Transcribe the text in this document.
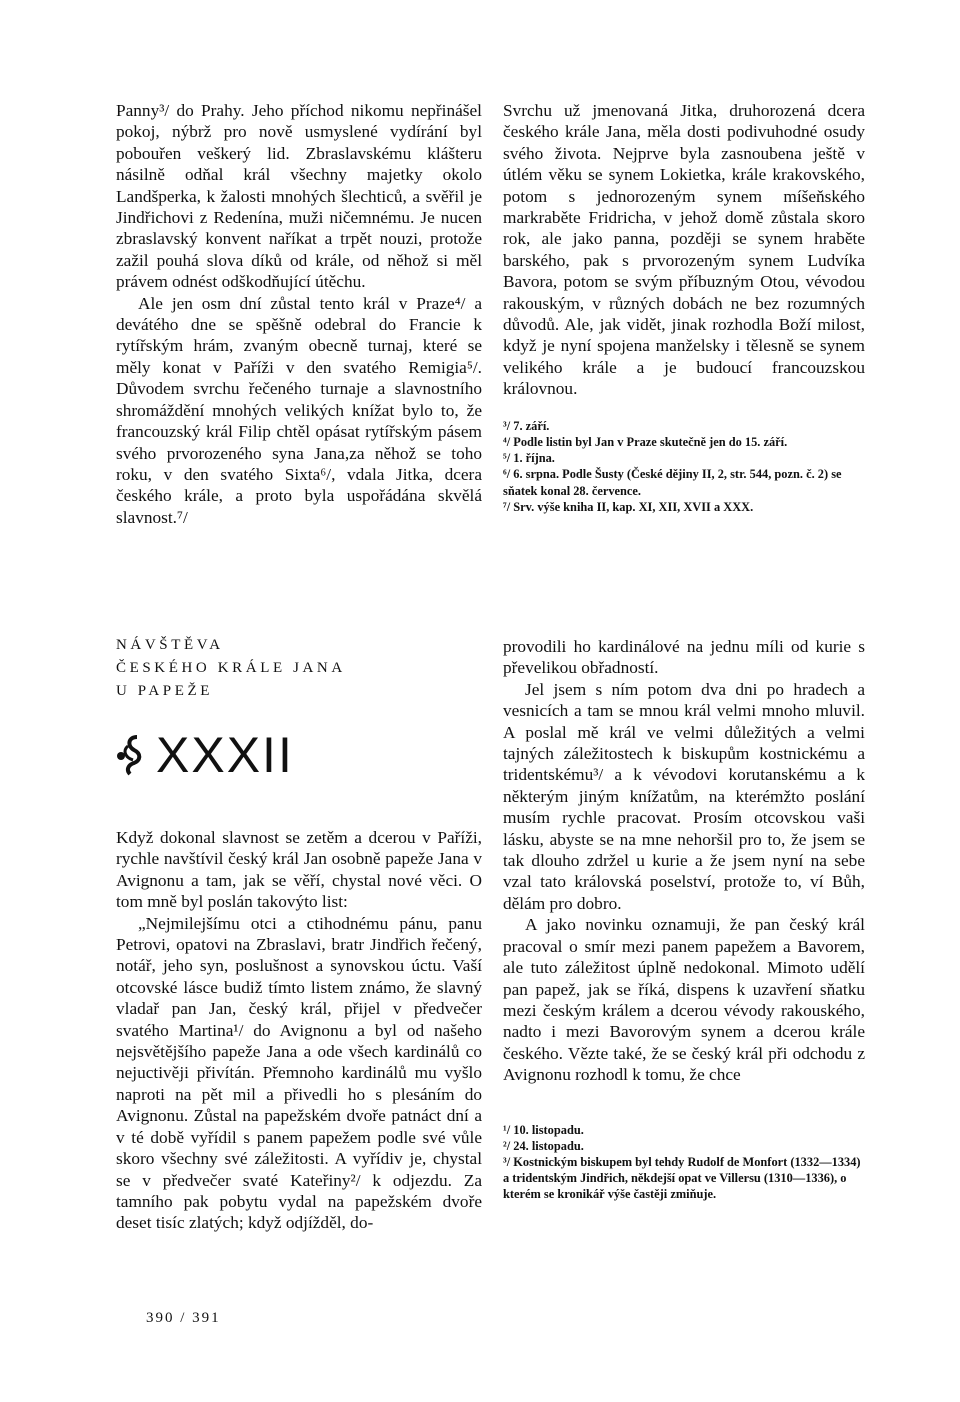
Panny³/ do Prahy. Jeho příchod nikomu nepřinášel pokoj, nýbrž pro nově usmyslené vydírání byl pobouřen veškerý lid. Zbraslavskému klášteru násilně odňal král všechny majetky okolo Landšperka, k žalosti mnohých šlechticů, a svěřil je Jindřichovi z Redenína, muži ničemnému. Je nucen zbraslavský konvent naříkat a trpět nouzi, protože zažil pouhá slova díků od krále, od něhož si měl právem odnést odškodňující útěchu.

Ale jen osm dní zůstal tento král v Praze⁴/ a devátého dne se spěšně odebral do Francie k rytířským hrám, zvaným obecně turnaj, které se měly konat v Paříži v den svatého Remigia⁵/. Důvodem svrchu řečeného turnaje a slavnostního shromáždění mnohých velikých knížat bylo to, že francouzský král Filip chtěl opásat rytířským pásem svého prvorozeného syna Jana,za něhož se toho roku, v den svatého Sixta⁶/, vdala Jitka, dcera českého krále, a proto byla uspořádána skvělá slavnost.⁷/

Svrchu už jmenovaná Jitka, druhorozená dcera českého krále Jana, měla dosti podivuhodné osudy svého života. Nejprve byla zasnoubena ještě v útlém věku se synem Lokietka, krále krakovského, potom s jednorozeným synem míšeňského markraběte Fridricha, v jehož domě zůstala skoro rok, ale jako panna, později se synem hraběte barského, pak s prvorozeným synem Ludvíka Bavora, potom se svým příbuzným Otou, vévodou rakouským, v různých dobách ne bez rozumných důvodů. Ale, jak vidět, jinak rozhodla Boží milost, když je nyní spojena manželsky i tělesně se synem velikého krále a je budoucí francouzskou královnou.
³/ 7. září.
⁴/ Podle listin byl Jan v Praze skutečně jen do 15. září.
⁵/ 1. října.
⁶/ 6. srpna. Podle Šusty (České dějiny II, 2, str. 544, pozn. č. 2) se sňatek konal 28. července.
⁷/ Srv. výše kniha II, kap. XI, XII, XVII a XXX.
NÁVŠTĚVA
ČESKÉHO KRÁLE JANA
U PAPEŽE
XXXII

Když dokonal slavnost se zetěm a dcerou v Paříži, rychle navštívil český král Jan osobně papeže Jana v Avignonu a tam, jak se věří, chystal nové věci. O tom mně byl poslán takovýto list:

„Nejmilejšímu otci a ctihodnému pánu, panu Petrovi, opatovi na Zbraslavi, bratr Jindřich řečený, notář, jeho syn, poslušnost a synovskou úctu. Vaší otcovské lásce budiž tímto listem známo, že slavný vladař pan Jan, český král, přijel v předvečer svatého Martina¹/ do Avignonu a byl od našeho nejsvětějšího papeže Jana a ode všech kardinálů co nejuctivěji přivítán. Přemnoho kardinálů mu vyšlo naproti na pět mil a přivedli ho s plesáním do Avignonu. Zůstal na papežském dvoře patnáct dní a v té době vyřídil s panem papežem podle své vůle skoro všechny své záležitosti. A vyřídiv je, chystal se v předvečer svaté Kateřiny²/ k odjezdu. Za tamního pak pobytu vydal na papežském dvoře deset tisíc zlatých; když odjížděl, do-

provodili ho kardinálové na jednu míli od kurie s převelikou obřadností.

Jel jsem s ním potom dva dni po hradech a vesnicích a tam se mnou král velmi mnoho mluvil. A poslal mě král ve velmi důležitých a velmi tajných záležitostech k biskupům kostnickému a tridentskému³/ a k vévodovi korutanskému a k některým jiným knížatům, na kterémžto poslání musím rychle pracovat. Prosím otcovskou vaši lásku, abyste se na mne nehoršil pro to, že jsem se tak dlouho zdržel u kurie a že jsem nyní na sebe vzal tato královská poselství, protože to, ví Bůh, dělám pro dobro.

A jako novinku oznamuji, že pan český král pracoval o smír mezi panem papežem a Bavorem, ale tuto záležitost úplně nedokonal. Mimoto udělí pan papež, jak se říká, dispens k uzavření sňatku mezi českým králem a dcerou vévody rakouského, nadto i mezi Bavorovým synem a dcerou krále českého. Vězte také, že se český král při odchodu z Avignonu rozhodl k tomu, že chce

¹/ 10. listopadu.
²/ 24. listopadu.
³/ Kostnickým biskupem byl tehdy Rudolf de Monfort (1332—1334) a tridentským Jindřich, někdejší opat ve Villersu (1310—1336), o kterém se kronikář výše častěji zmiňuje.
390 / 391
